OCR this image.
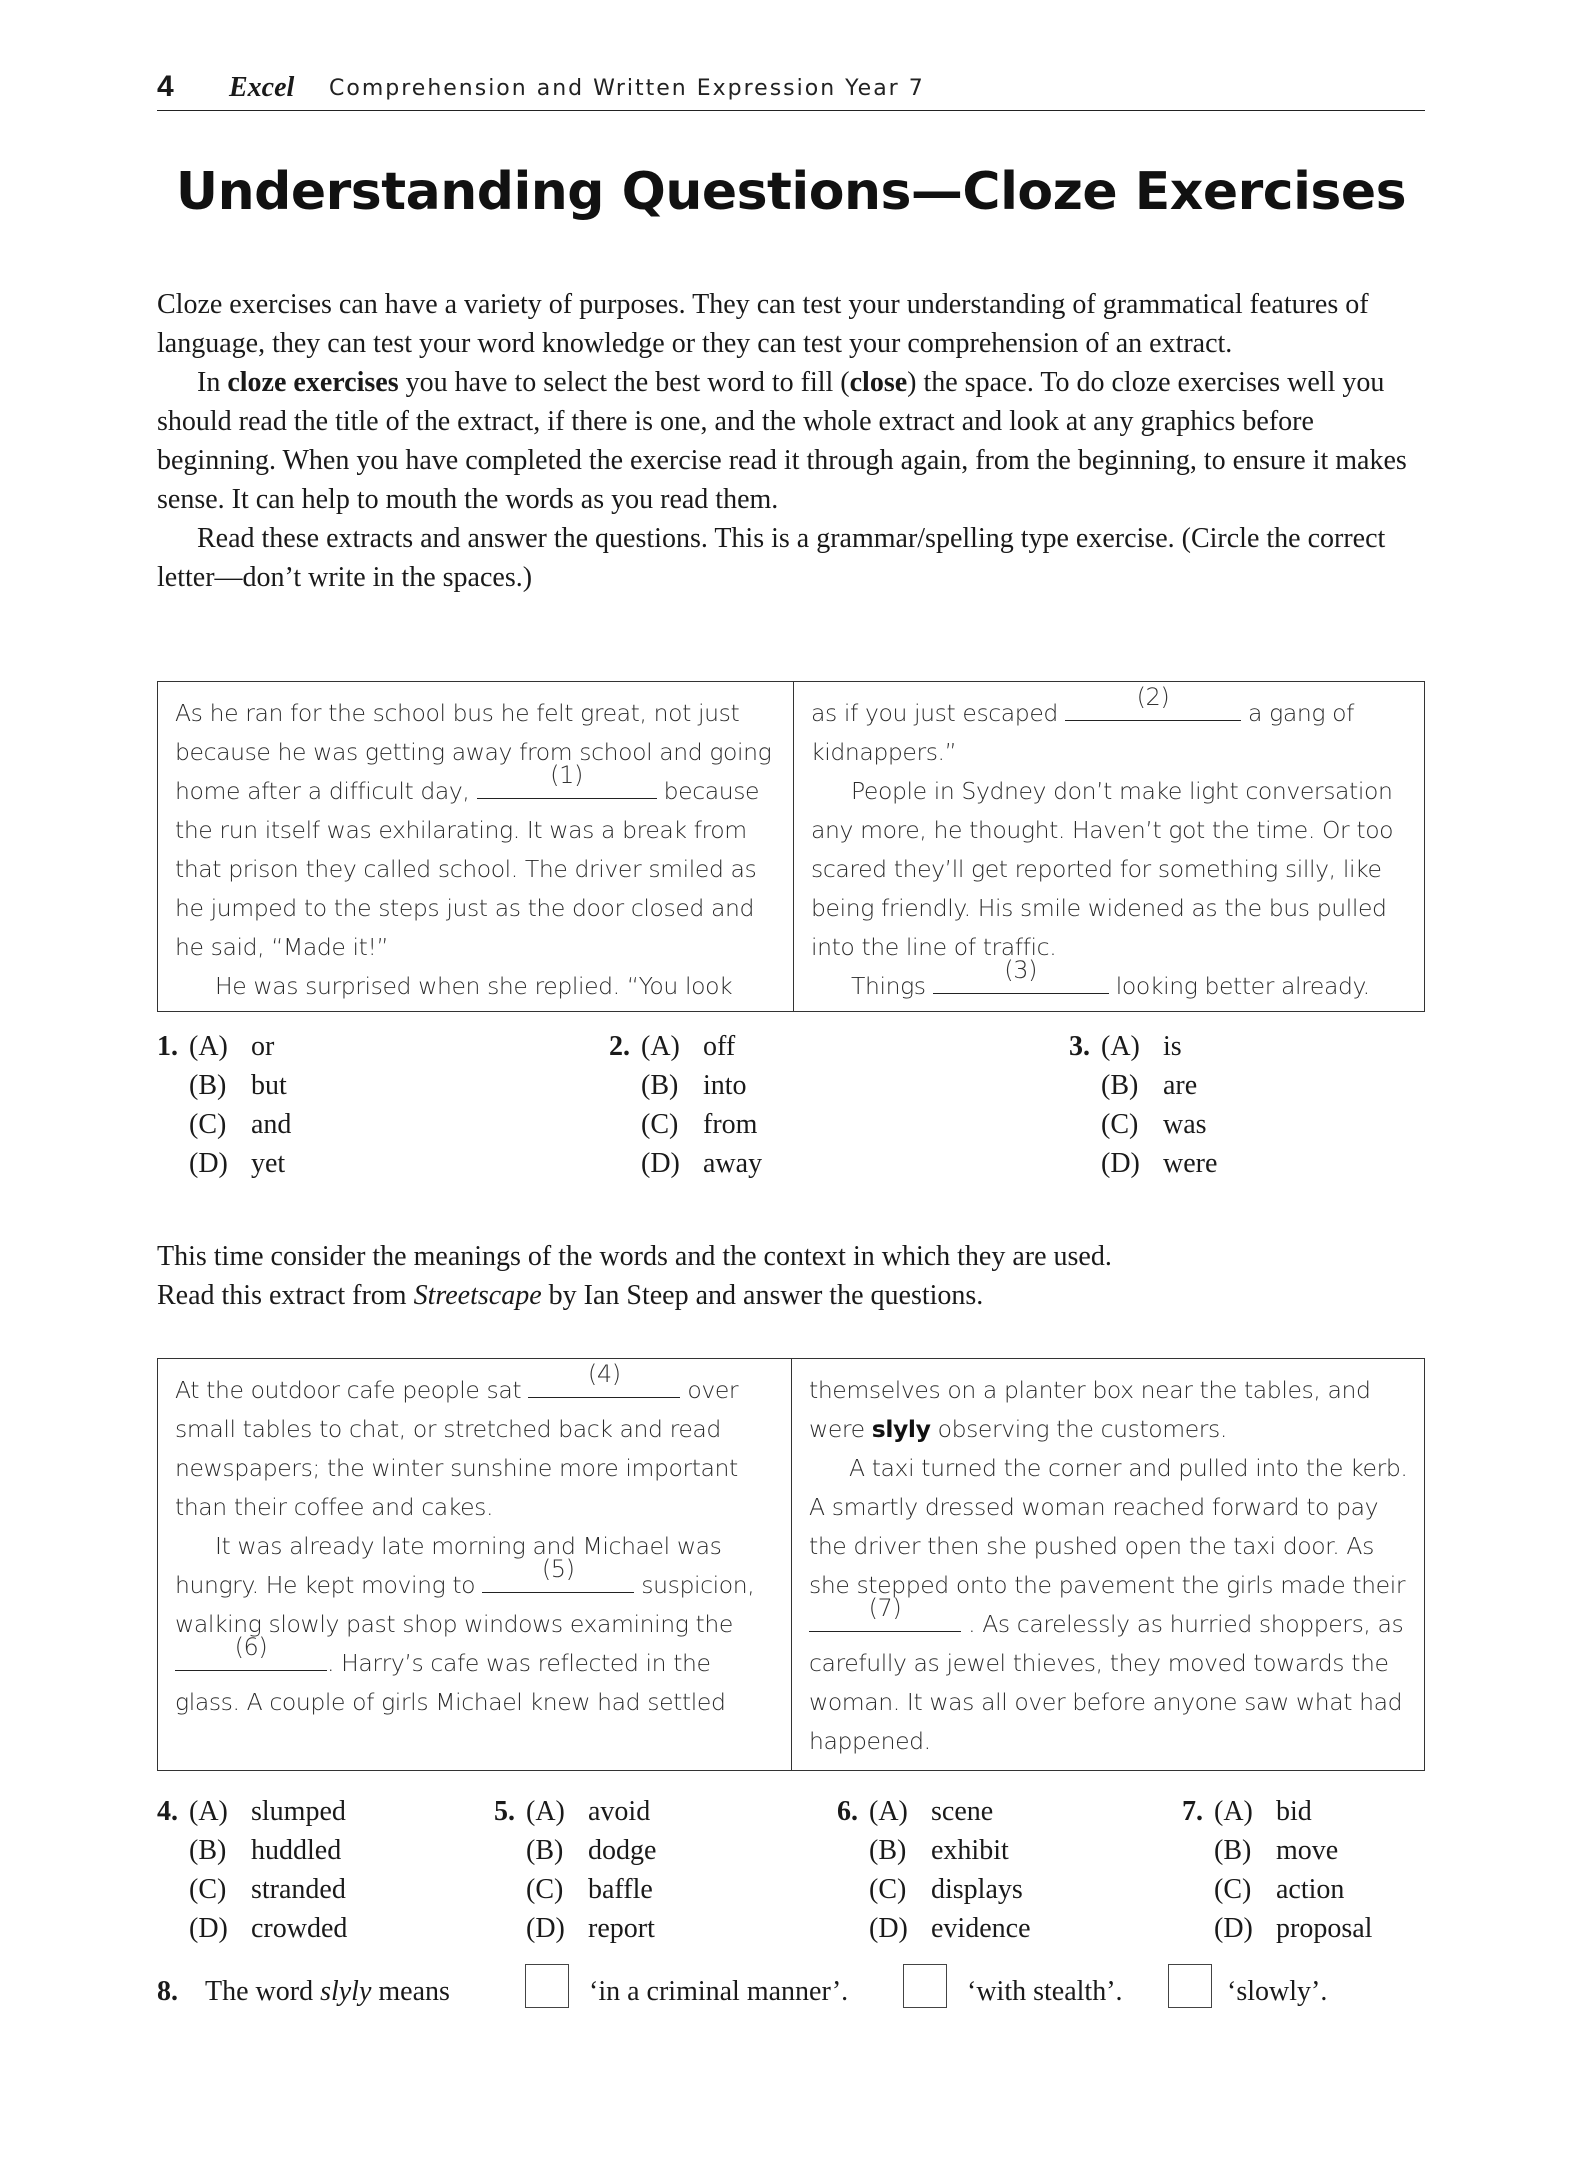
4 Excel Comprehension and Written Expression Year 7
Understanding Questions—Cloze Exercises

Cloze exercises can have a variety of purposes. They can test your understanding of grammatical features of language, they can test your word knowledge or they can test your comprehension of an extract.

In cloze exercises you have to select the best word to fill (close) the space. To do cloze exercises well you should read the title of the extract, if there is one, and the whole extract and look at any graphics before beginning. When you have completed the exercise read it through again, from the beginning, to ensure it makes sense. It can help to mouth the words as you read them.

Read these extracts and answer the questions. This is a grammar/spelling type exercise. (Circle the correct letter—don’t write in the spaces.)

As he ran for the school bus he felt great, not just because he was getting away from school and going home after a difficult day,
(1)
because the run itself was exhilarating. It was a break from that prison they called school. The driver smiled as he jumped to the steps just as the door closed and he said, “Made it!”

He was surprised when she replied. “You look

as if you just escaped
(2)
a gang of kidnappers.”

People in Sydney don’t make light conversation any more, he thought. Haven’t got the time. Or too scared they’ll get reported for something silly, like being friendly. His smile widened as the bus pulled into the line of traffic.

Things
(3)
looking better already.

1. (A) or
(B) but
(C) and
(D) yet
2. (A) off
(B) into
(C) from
(D) away
3. (A) is
(B) are
(C) was
(D) were

This time consider the meanings of the words and the context in which they are used.

Read this extract from Streetscape by Ian Steep and answer the questions.

At the outdoor cafe people sat
(4)
over small tables to chat, or stretched back and read newspapers; the winter sunshine more important than their coffee and cakes.

It was already late morning and Michael was hungry. He kept moving to
(5)
suspicion, walking slowly past shop windows examining the
(6)
. Harry’s cafe was reflected in the glass. A couple of girls Michael knew had settled

themselves on a planter box near the tables, and were slyly observing the customers.

A taxi turned the corner and pulled into the kerb. A smartly dressed woman reached forward to pay the driver then she pushed open the taxi door. As she stepped onto the pavement the girls made their
(7)
. As carelessly as hurried shoppers, as carefully as jewel thieves, they moved towards the woman. It was all over before anyone saw what had happened.

4. (A) slumped
(B) huddled
(C) stranded
(D) crowded
5. (A) avoid
(B) dodge
(C) baffle
(D) report
6. (A) scene
(B) exhibit
(C) displays
(D) evidence
7. (A) bid
(B) move
(C) action
(D) proposal
8. The word slyly means	‘in a criminal manner’.	‘with stealth’.	‘slowly’.
